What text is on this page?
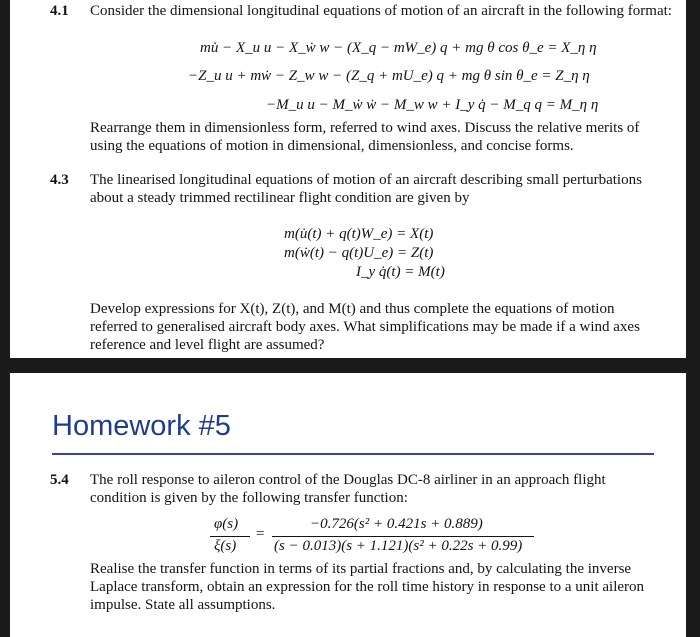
4.1 Consider the dimensional longitudinal equations of motion of an aircraft in the following format:
mu̇ − X_u u − X_ẇ w − (X_q − mW_e) q + mg θ cos θ_e = X_η η
−Z_u u + mẇ − Z_w w − (Z_q + mU_e) q + mg θ sin θ_e = Z_η η
−M_u u − M_ẇ ẇ − M_w w + I_y q̇ − M_q q = M_η η
Rearrange them in dimensionless form, referred to wind axes. Discuss the relative merits of
using the equations of motion in dimensional, dimensionless, and concise forms.
4.3 The linearised longitudinal equations of motion of an aircraft describing small perturbations
about a steady trimmed rectilinear flight condition are given by
m(u̇(t) + q(t)W_e) = X(t)
m(ẇ(t) − q(t)U_e) = Z(t)
I_y q̇(t) = M(t)
Develop expressions for X(t), Z(t), and M(t) and thus complete the equations of motion
referred to generalised aircraft body axes. What simplifications may be made if a wind axes
reference and level flight are assumed?
Homework #5
5.4 The roll response to aileron control of the Douglas DC-8 airliner in an approach flight
condition is given by the following transfer function:
φ(s)
ξ(s)
=
−0.726(s² + 0.421s + 0.889)
(s − 0.013)(s + 1.121)(s² + 0.22s + 0.99)
Realise the transfer function in terms of its partial fractions and, by calculating the inverse
Laplace transform, obtain an expression for the roll time history in response to a unit aileron
impulse. State all assumptions.
